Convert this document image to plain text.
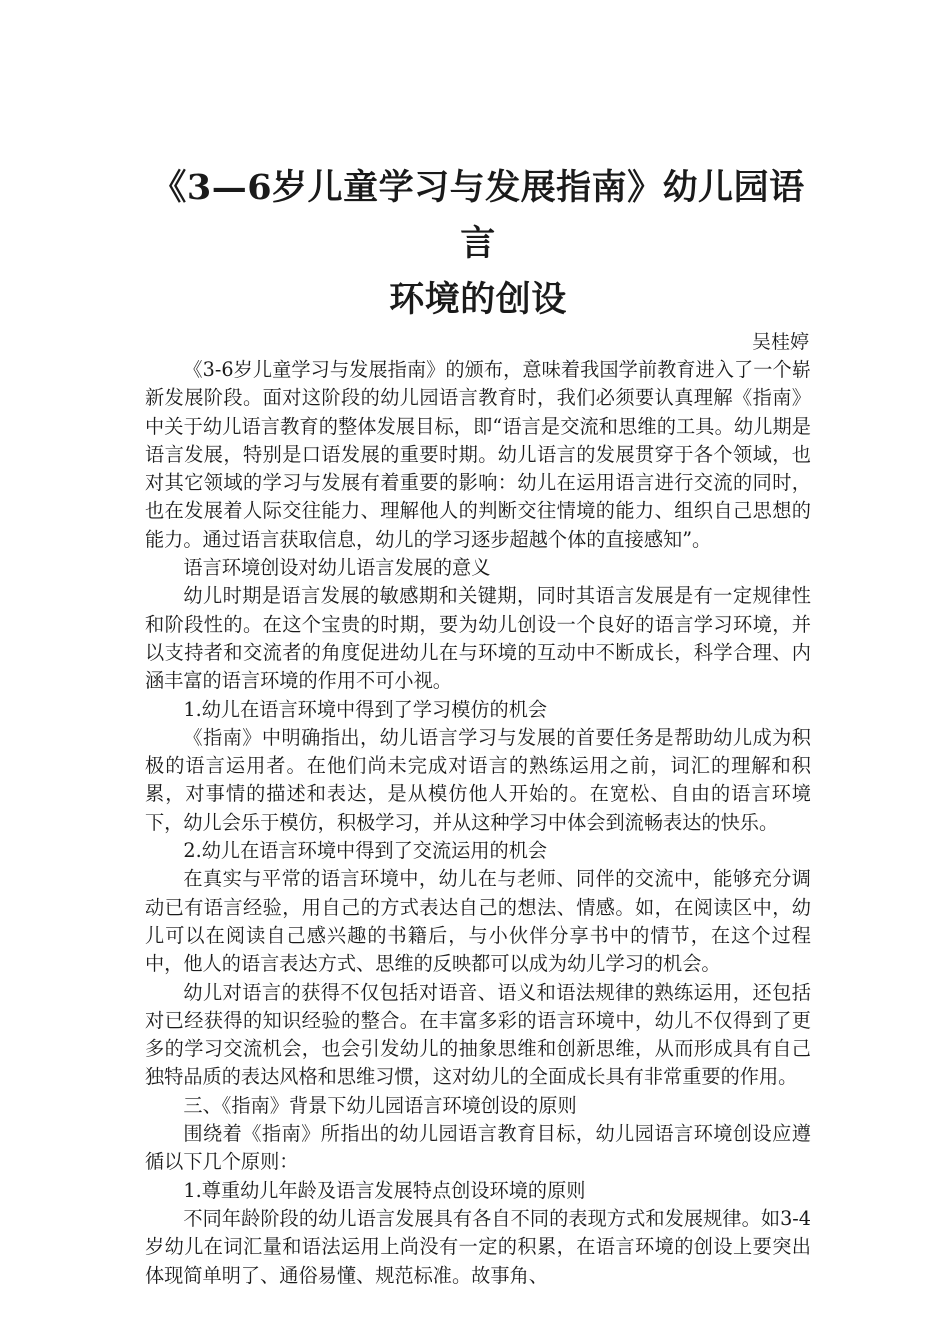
《3—6岁儿童学习与发展指南》幼儿园语言
环境的创设

吴桂婷

《3-6岁儿童学习与发展指南》的颁布，意味着我国学前教育进入了一个崭新发展阶段。面对这阶段的幼儿园语言教育时，我们必须要认真理解《指南》中关于幼儿语言教育的整体发展目标，即“语言是交流和思维的工具。幼儿期是语言发展，特别是口语发展的重要时期。幼儿语言的发展贯穿于各个领域，也对其它领域的学习与发展有着重要的影响：幼儿在运用语言进行交流的同时，也在发展着人际交往能力、理解他人的判断交往情境的能力、组织自己思想的能力。通过语言获取信息，幼儿的学习逐步超越个体的直接感知”。

语言环境创设对幼儿语言发展的意义

幼儿时期是语言发展的敏感期和关键期，同时其语言发展是有一定规律性和阶段性的。在这个宝贵的时期，要为幼儿创设一个良好的语言学习环境，并以支持者和交流者的角度促进幼儿在与环境的互动中不断成长，科学合理、内涵丰富的语言环境的作用不可小视。

1.幼儿在语言环境中得到了学习模仿的机会

《指南》中明确指出，幼儿语言学习与发展的首要任务是帮助幼儿成为积极的语言运用者。在他们尚未完成对语言的熟练运用之前，词汇的理解和积累，对事情的描述和表达，是从模仿他人开始的。在宽松、自由的语言环境下，幼儿会乐于模仿，积极学习，并从这种学习中体会到流畅表达的快乐。

2.幼儿在语言环境中得到了交流运用的机会

在真实与平常的语言环境中，幼儿在与老师、同伴的交流中，能够充分调动已有语言经验，用自己的方式表达自己的想法、情感。如，在阅读区中，幼儿可以在阅读自己感兴趣的书籍后，与小伙伴分享书中的情节，在这个过程中，他人的语言表达方式、思维的反映都可以成为幼儿学习的机会。

幼儿对语言的获得不仅包括对语音、语义和语法规律的熟练运用，还包括对已经获得的知识经验的整合。在丰富多彩的语言环境中，幼儿不仅得到了更多的学习交流机会，也会引发幼儿的抽象思维和创新思维，从而形成具有自己独特品质的表达风格和思维习惯，这对幼儿的全面成长具有非常重要的作用。

三、《指南》背景下幼儿园语言环境创设的原则

围绕着《指南》所指出的幼儿园语言教育目标，幼儿园语言环境创设应遵循以下几个原则：

1.尊重幼儿年龄及语言发展特点创设环境的原则

不同年龄阶段的幼儿语言发展具有各自不同的表现方式和发展规律。如3-4岁幼儿在词汇量和语法运用上尚没有一定的积累，在语言环境的创设上要突出体现简单明了、通俗易懂、规范标准。故事角、
